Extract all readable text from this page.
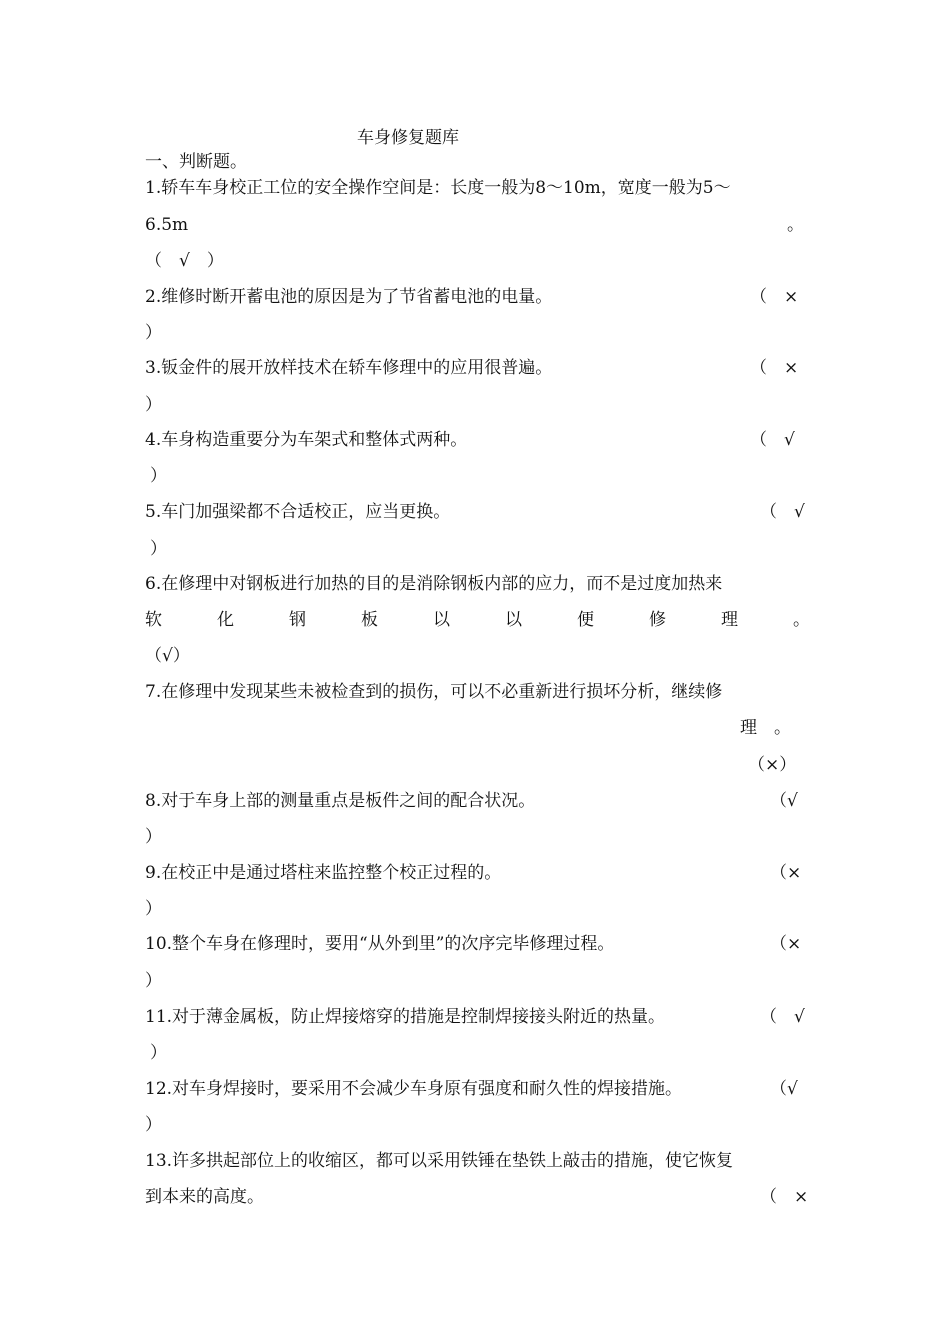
车身修复题库
一、判断题。
1.轿车车身校正工位的安全操作空间是：长度一般为8～10m，宽度一般为5～
6.5m	。
（　√　）
2.维修时断开蓄电池的原因是为了节省蓄电池的电量。	（　×
）
3.钣金件的展开放样技术在轿车修理中的应用很普遍。	（　×
）
4.车身构造重要分为车架式和整体式两种。	（　√
）
5.车门加强梁都不合适校正，应当更换。	（　√
）
6.在修理中对钢板进行加热的目的是消除钢板内部的应力，而不是过度加热来
软	化	钢	板	以	以	便	修	理	。
（√）
7.在修理中发现某些未被检查到的损伤，可以不必重新进行损坏分析，继续修
理　。
（×）
8.对于车身上部的测量重点是板件之间的配合状况。	（√
）
9.在校正中是通过塔柱来监控整个校正过程的。	（×
）
10.整个车身在修理时，要用“从外到里”的次序完毕修理过程。	（×
）
11.对于薄金属板，防止焊接熔穿的措施是控制焊接接头附近的热量。	（　√
）
12.对车身焊接时，要采用不会减少车身原有强度和耐久性的焊接措施。	（√
）
13.许多拱起部位上的收缩区，都可以采用铁锤在垫铁上敲击的措施，使它恢复
到本来的高度。	（　×
